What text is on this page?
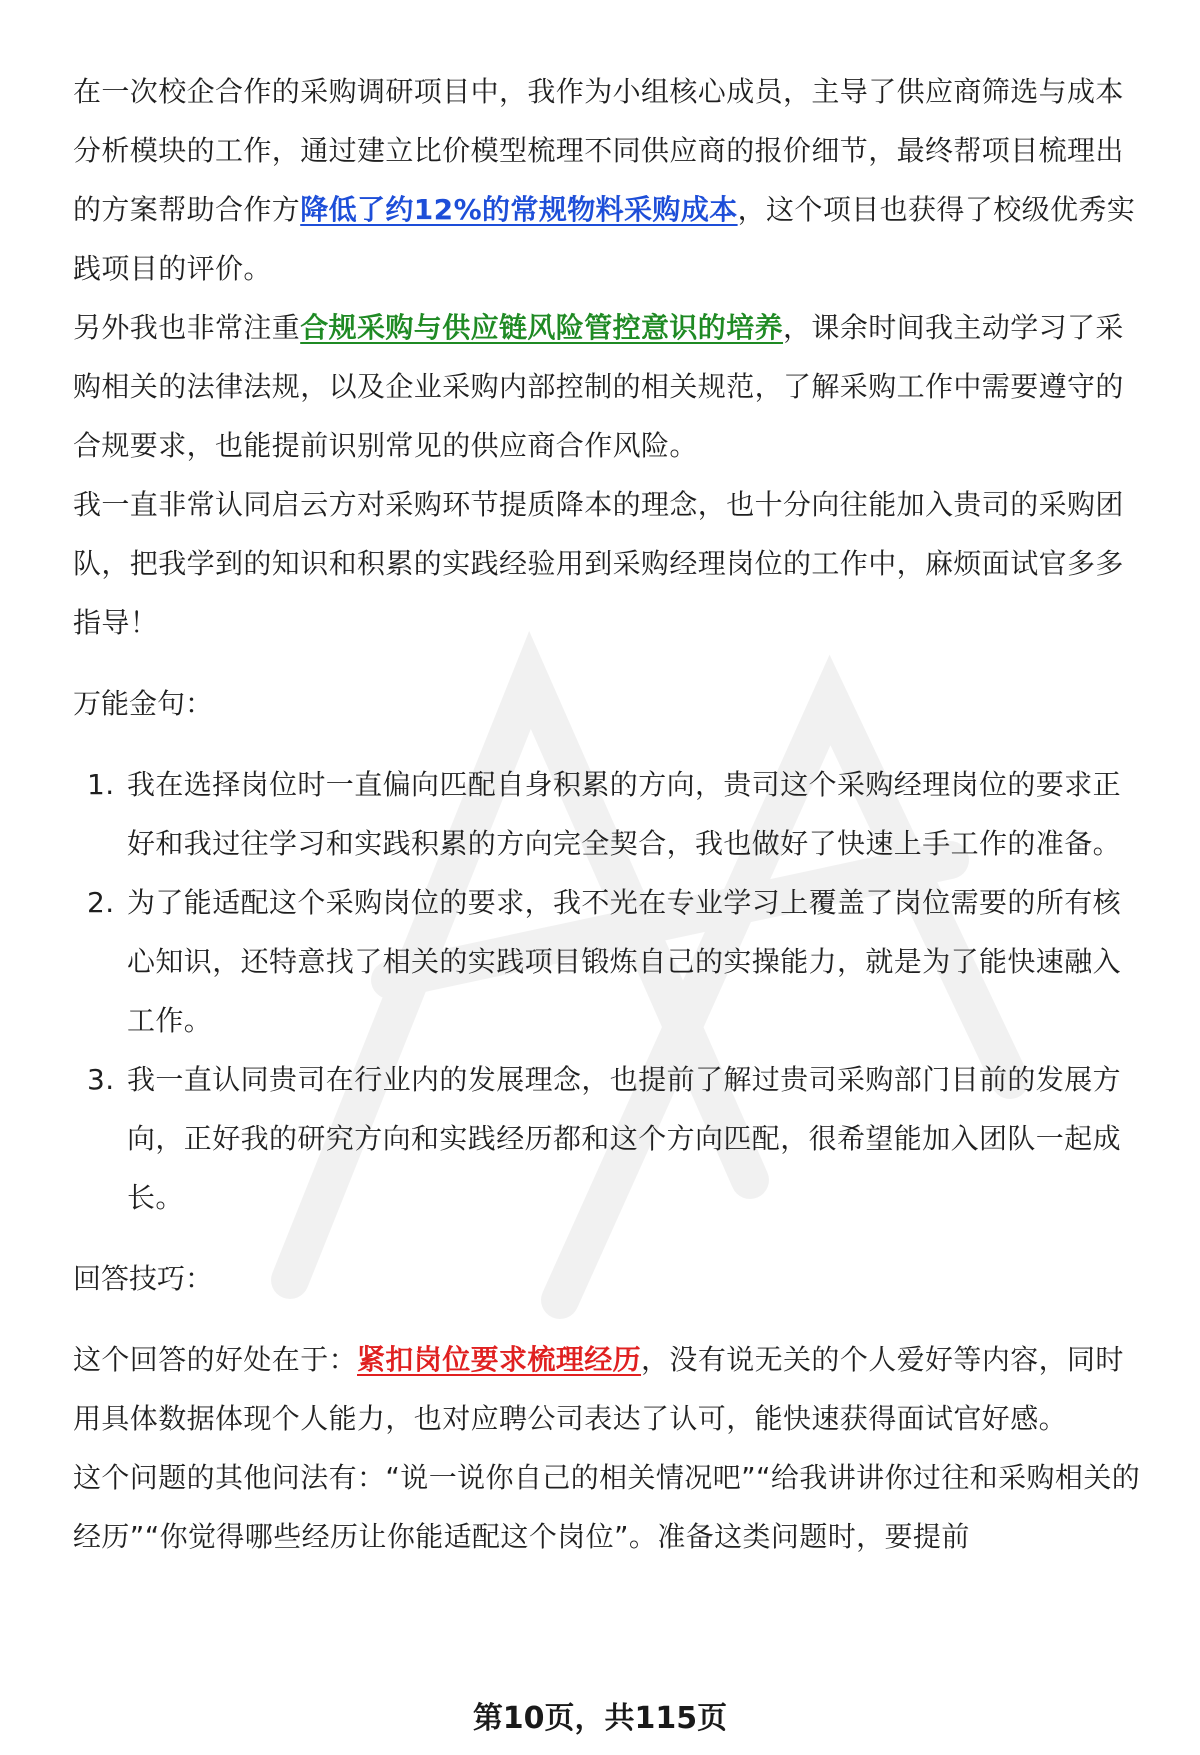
在一次校企合作的采购调研项目中，我作为小组核心成员，主导了供应商筛选与成本分析模块的工作，通过建立比价模型梳理不同供应商的报价细节，最终帮项目梳理出的方案帮助合作方降低了约12%的常规物料采购成本，这个项目也获得了校级优秀实践项目的评价。

另外我也非常注重合规采购与供应链风险管控意识的培养，课余时间我主动学习了采购相关的法律法规，以及企业采购内部控制的相关规范，了解采购工作中需要遵守的合规要求，也能提前识别常见的供应商合作风险。

我一直非常认同启云方对采购环节提质降本的理念，也十分向往能加入贵司的采购团队，把我学到的知识和积累的实践经验用到采购经理岗位的工作中，麻烦面试官多多指导！

万能金句：

1. 我在选择岗位时一直偏向匹配自身积累的方向，贵司这个采购经理岗位的要求正好和我过往学习和实践积累的方向完全契合，我也做好了快速上手工作的准备。
2. 为了能适配这个采购岗位的要求，我不光在专业学习上覆盖了岗位需要的所有核心知识，还特意找了相关的实践项目锻炼自己的实操能力，就是为了能快速融入工作。
3. 我一直认同贵司在行业内的发展理念，也提前了解过贵司采购部门目前的发展方向，正好我的研究方向和实践经历都和这个方向匹配，很希望能加入团队一起成长。

回答技巧：

这个回答的好处在于：紧扣岗位要求梳理经历，没有说无关的个人爱好等内容，同时用具体数据体现个人能力，也对应聘公司表达了认可，能快速获得面试官好感。

这个问题的其他问法有：“说一说你自己的相关情况吧”“给我讲讲你过往和采购相关的经历”“你觉得哪些经历让你能适配这个岗位”。准备这类问题时，要提前

第10页，共115页
